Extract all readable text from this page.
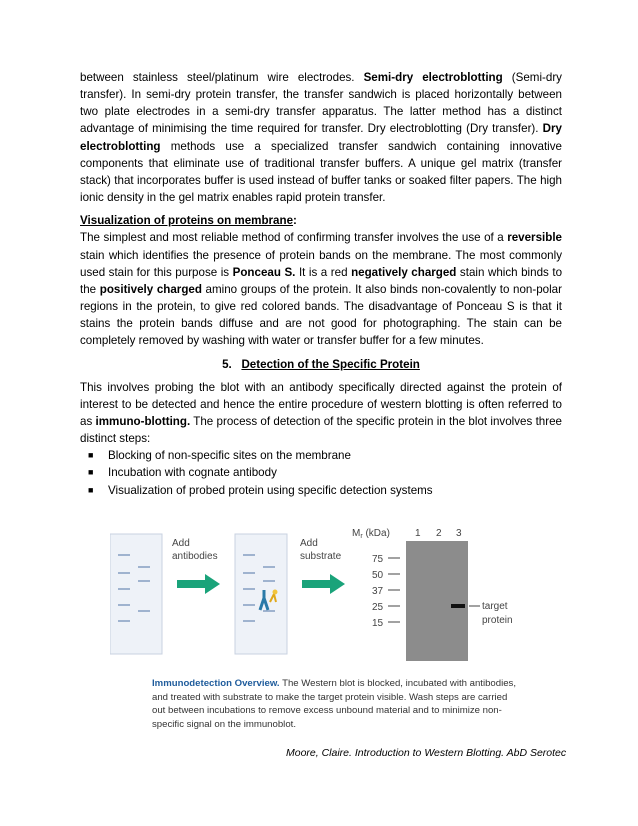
between stainless steel/platinum wire electrodes. Semi-dry electroblotting (Semi-dry transfer). In semi-dry protein transfer, the transfer sandwich is placed horizontally between two plate electrodes in a semi-dry transfer apparatus. The latter method has a distinct advantage of minimising the time required for transfer. Dry electroblotting (Dry transfer). Dry electroblotting methods use a specialized transfer sandwich containing innovative components that eliminate use of traditional transfer buffers. A unique gel matrix (transfer stack) that incorporates buffer is used instead of buffer tanks or soaked filter papers. The high ionic density in the gel matrix enables rapid protein transfer.

Visualization of proteins on membrane:

The simplest and most reliable method of confirming transfer involves the use of a reversible stain which identifies the presence of protein bands on the membrane. The most commonly used stain for this purpose is Ponceau S. It is a red negatively charged stain which binds to the positively charged amino groups of the protein. It also binds non-covalently to non-polar regions in the protein, to give red colored bands. The disadvantage of Ponceau S is that it stains the protein bands diffuse and are not good for photographing. The stain can be completely removed by washing with water or transfer buffer for a few minutes.

5. Detection of the Specific Protein

This involves probing the blot with an antibody specifically directed against the protein of interest to be detected and hence the entire procedure of western blotting is often referred to as immuno-blotting. The process of detection of the specific protein in the blot involves three distinct steps:

■ Blocking of non-specific sites on the membrane
■ Incubation with cognate antibody
■ Visualization of probed protein using specific detection systems
Add
antibodies
Add
substrate
$M_r$ (kDa)	1 2 3
75
50
37
25
15
target
protein
Immunodetection Overview. The Western blot is blocked, incubated with antibodies, and treated with substrate to make the target protein visible. Wash steps are carried out between incubations to remove excess unbound material and to minimize non-specific signal on the immunoblot.
Moore, Claire. Introduction to Western Blotting. AbD Serotec
